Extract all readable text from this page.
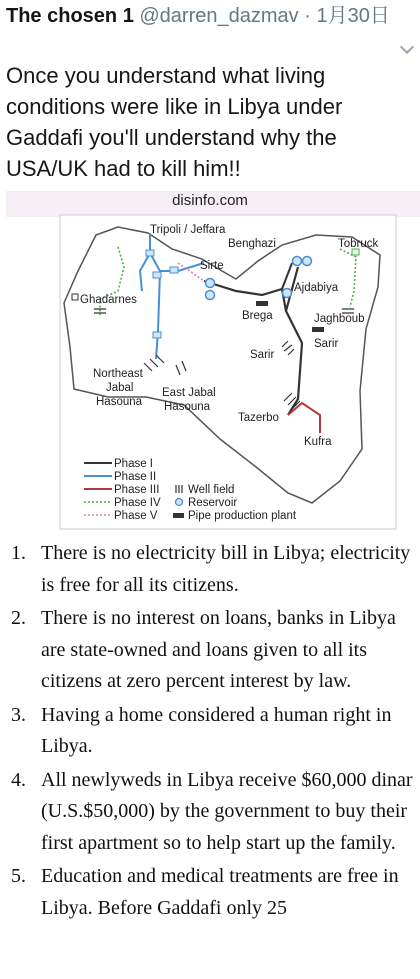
The chosen 1 @darren_dazmav · 1月30日
Once you understand what living conditions were like in Libya under Gaddafi you'll understand why the USA/UK had to kill him!!
disinfo.com
Tripoli / Jeffara
Benghazi	Tobruck
Sirte
Ghadarnes
Ajdabiya
Brega	Jaghboub
Sarir
Sarir
Northeast Jabal Hasouna
East Jabal Hasouna
Tazerbo
Kufra
Phase I
Phase II
Phase III
Phase IV
Phase V
Well field
Reservoir
Pipe production plant
1. There is no electricity bill in Libya; electricity is free for all its citizens.
2. There is no interest on loans, banks in Libya are state-owned and loans given to all its citizens at zero percent interest by law.
3. Having a home considered a human right in Libya.
4. All newlyweds in Libya receive $60,000 dinar (U.S.$50,000) by the government to buy their first apartment so to help start up the family.
5. Education and medical treatments are free in Libya. Before Gaddafi only 25
